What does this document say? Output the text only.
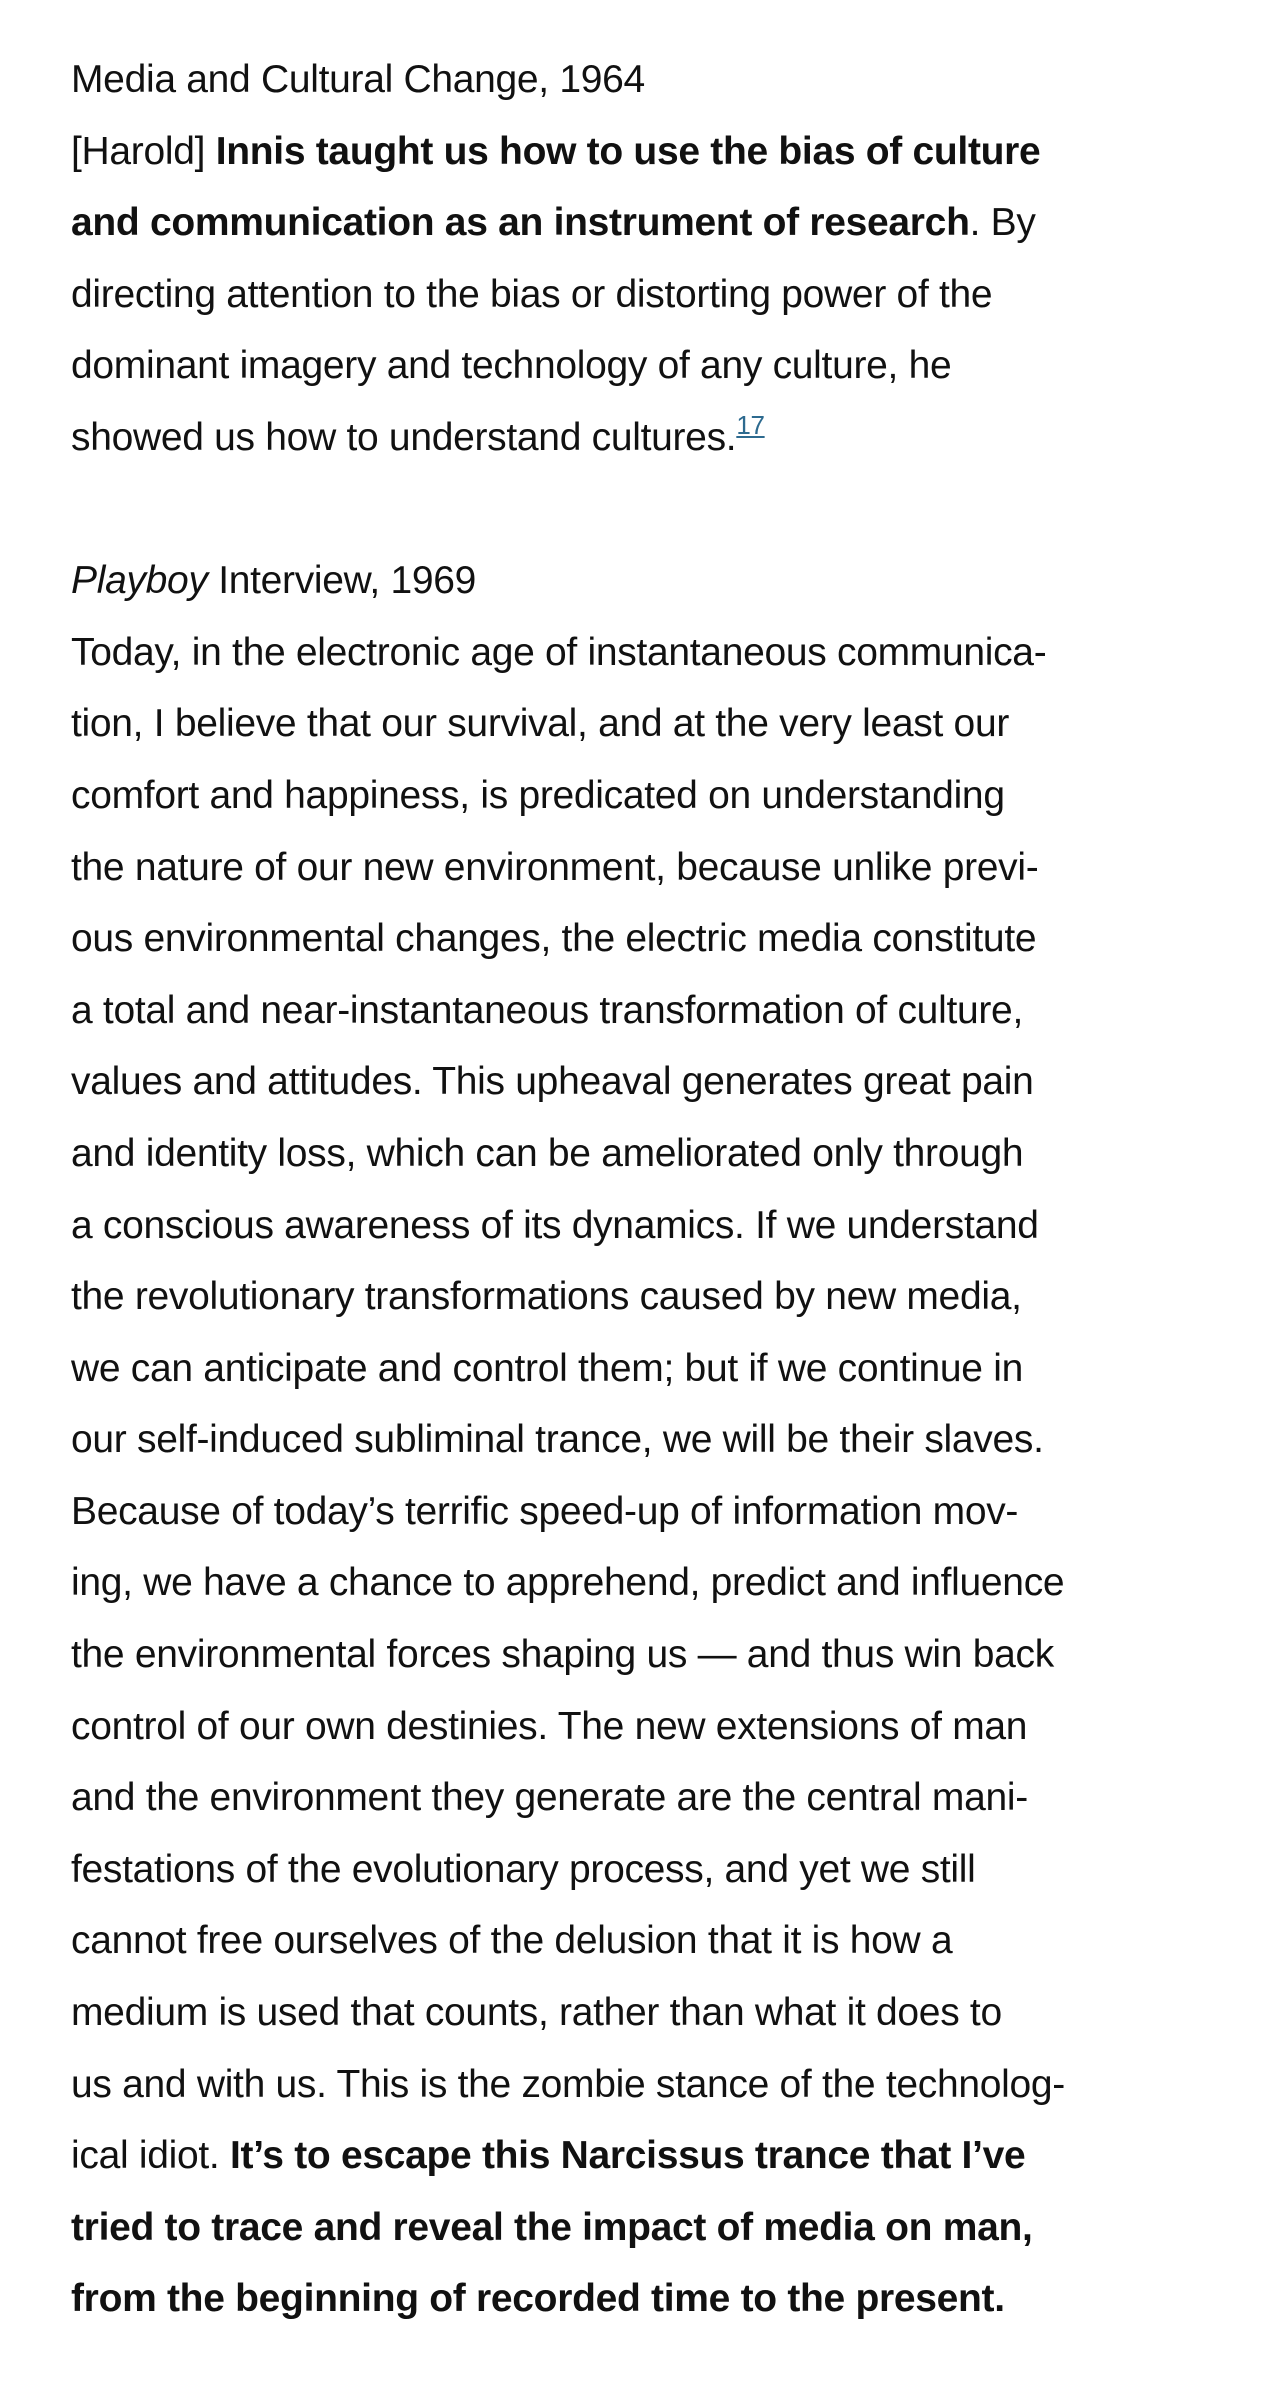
Media and Cultural Change, 1964
[Harold] Innis taught us how to use the bias of culture
and communication as an instrument of research. By
directing attention to the bias or distorting power of the
dominant imagery and technology of any culture, he
showed us how to understand cultures.$^{17}$
Playboy Interview, 1969
Today, in the electronic age of instantaneous communica-
tion, I believe that our survival, and at the very least our
comfort and happiness, is predicated on understanding
the nature of our new environment, because unlike previ-
ous environmental changes, the electric media constitute
a total and near-instantaneous transformation of culture,
values and attitudes. This upheaval generates great pain
and identity loss, which can be ameliorated only through
a conscious awareness of its dynamics. If we understand
the revolutionary transformations caused by new media,
we can anticipate and control them; but if we continue in
our self-induced subliminal trance, we will be their slaves.
Because of today’s terrific speed-up of information mov-
ing, we have a chance to apprehend, predict and influence
the environmental forces shaping us — and thus win back
control of our own destinies. The new extensions of man
and the environment they generate are the central mani-
festations of the evolutionary process, and yet we still
cannot free ourselves of the delusion that it is how a
medium is used that counts, rather than what it does to
us and with us. This is the zombie stance of the technolog-
ical idiot. It’s to escape this Narcissus trance that I’ve
tried to trace and reveal the impact of media on man,
from the beginning of recorded time to the present.
